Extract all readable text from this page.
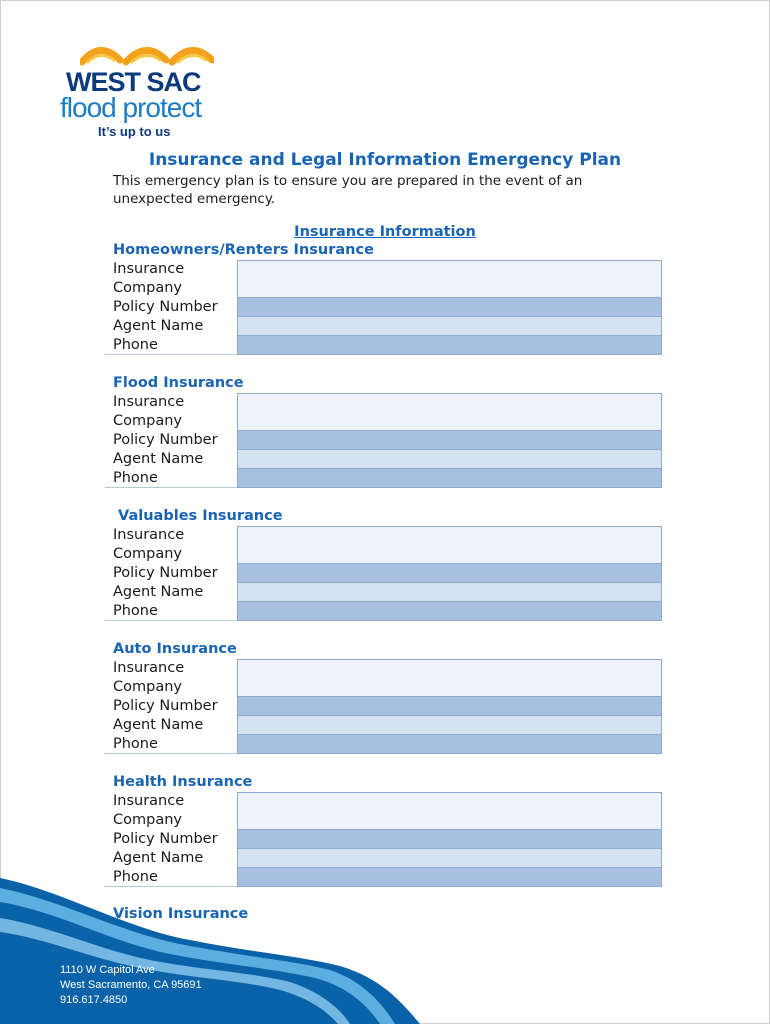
WEST SAC
flood protect
It’s up to us
Insurance and Legal Information Emergency Plan
This emergency plan is to ensure you are prepared in the event of an unexpected emergency.
Insurance Information
Homeowners/Renters Insurance
Insurance
Company
Policy Number
Agent Name
Phone
Flood Insurance
Insurance
Company
Policy Number
Agent Name
Phone
Valuables Insurance
Insurance
Company
Policy Number
Agent Name
Phone
Auto Insurance
Insurance
Company
Policy Number
Agent Name
Phone
Health Insurance
Insurance
Company
Policy Number
Agent Name
Phone
1110 W Capitol Ave
West Sacramento, CA 95691
916.617.4850
Vision Insurance
